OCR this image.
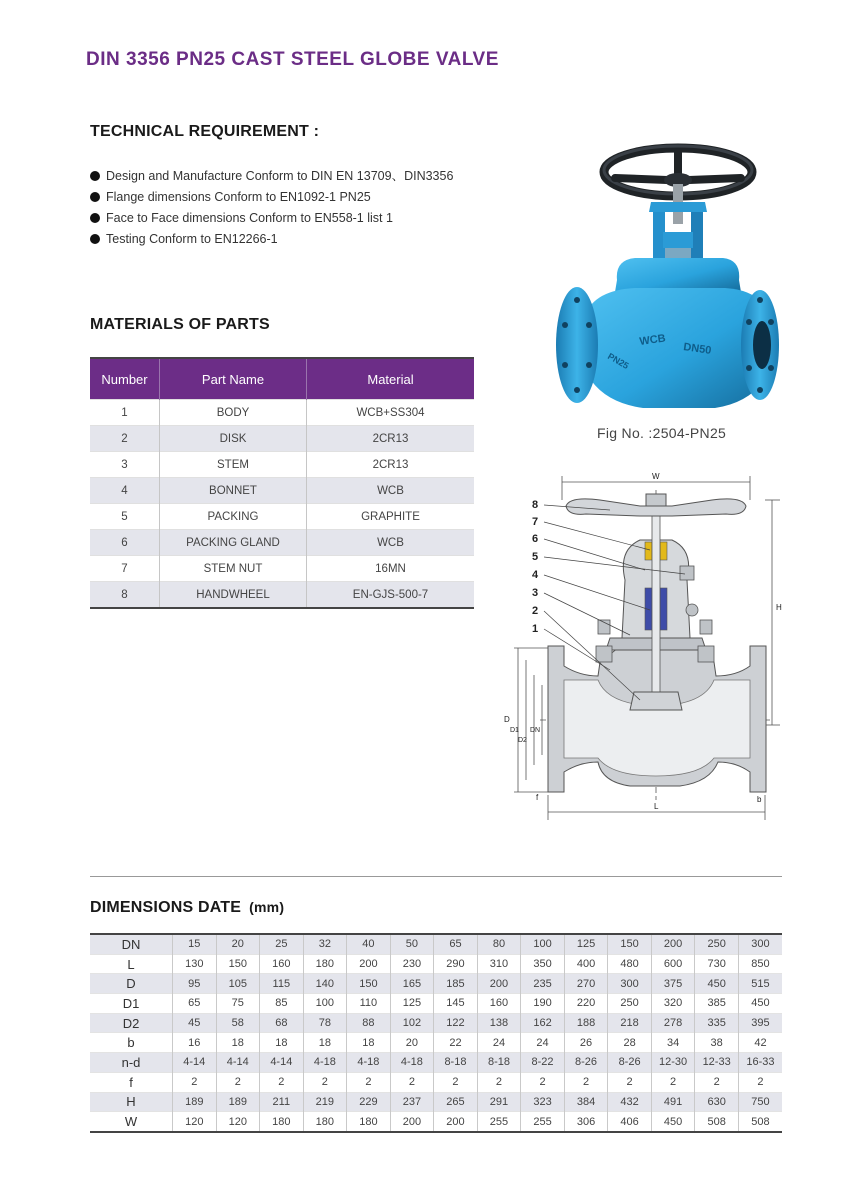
DIN 3356 PN25 CAST STEEL GLOBE VALVE
TECHNICAL REQUIREMENT :
Design and Manufacture Conform to DIN EN 13709、DIN3356
Flange dimensions Conform to EN1092-1 PN25
Face to Face dimensions Conform to EN558-1 list 1
Testing Conform to EN12266-1
MATERIALS OF PARTS
Number	Part Name	Material
1	BODY	WCB+SS304
2	DISK	2CR13
3	STEM	2CR13
4	BONNET	WCB
5	PACKING	GRAPHITE
6	PACKING GLAND	WCB
7	STEM NUT	16MN
8	HANDWHEEL	EN-GJS-500-7
WCB
DN50
PN25
Fig No. :2504-PN25
8
7
6
5
4
3
2
1
W
H
L
f	b
D
D1
D2
DN
DIMENSIONS DATE (mm)
DN	15	20	25	32	40	50	65	80	100	125	150	200	250	300
L	130	150	160	180	200	230	290	310	350	400	480	600	730	850
D	95	105	115	140	150	165	185	200	235	270	300	375	450	515
D1	65	75	85	100	110	125	145	160	190	220	250	320	385	450
D2	45	58	68	78	88	102	122	138	162	188	218	278	335	395
b	16	18	18	18	18	20	22	24	24	26	28	34	38	42
n-d	4-14	4-14	4-14	4-18	4-18	4-18	8-18	8-18	8-22	8-26	8-26	12-30	12-33	16-33
f	2	2	2	2	2	2	2	2	2	2	2	2	2	2
H	189	189	211	219	229	237	265	291	323	384	432	491	630	750
W	120	120	180	180	180	200	200	255	255	306	406	450	508	508
